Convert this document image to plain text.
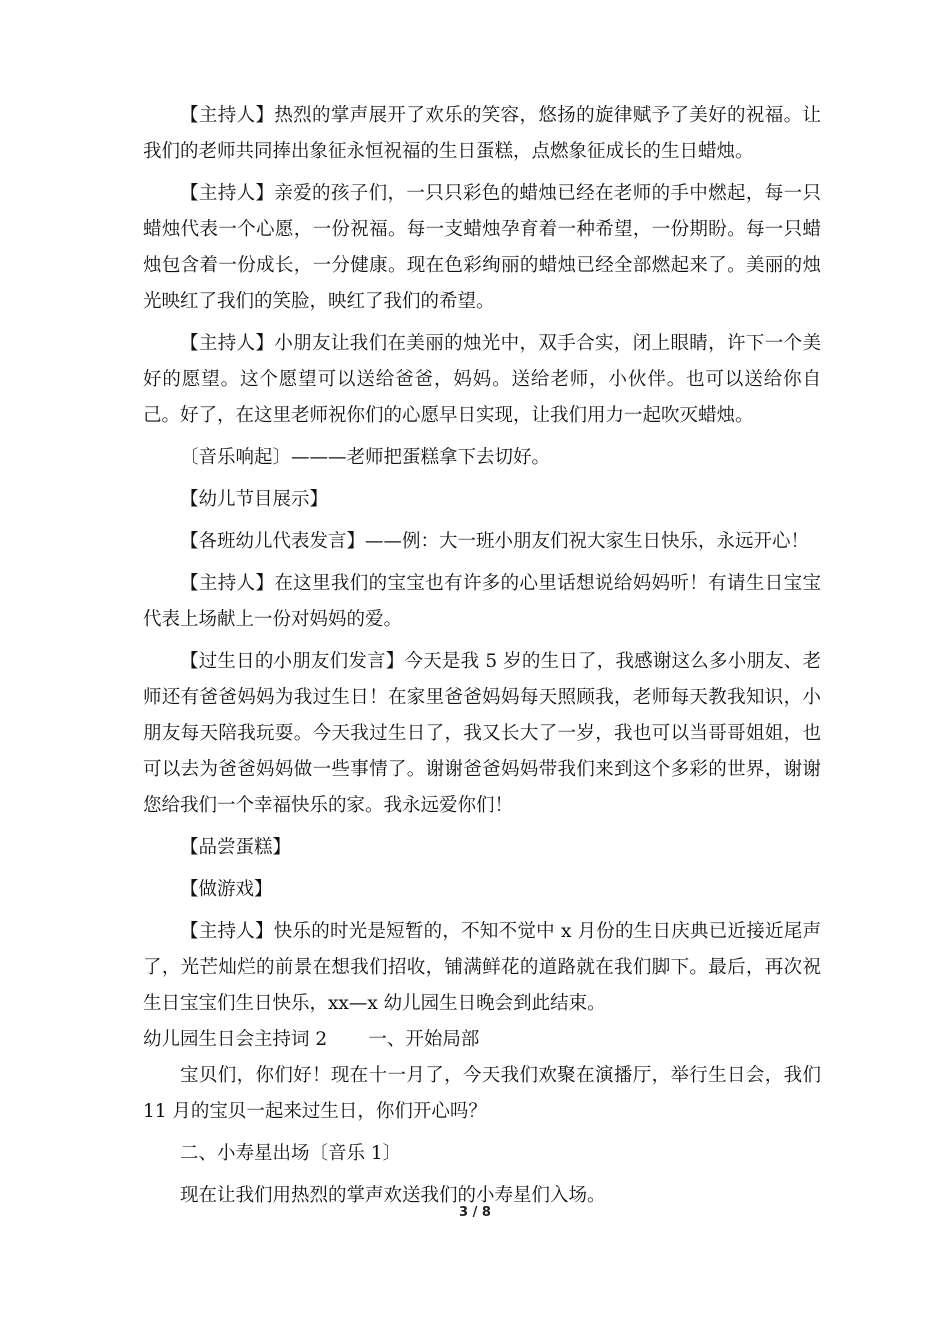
【主持人】热烈的掌声展开了欢乐的笑容，悠扬的旋律赋予了美好的祝福。让我们的老师共同捧出象征永恒祝福的生日蛋糕，点燃象征成长的生日蜡烛。

【主持人】亲爱的孩子们，一只只彩色的蜡烛已经在老师的手中燃起，每一只蜡烛代表一个心愿，一份祝福。每一支蜡烛孕育着一种希望，一份期盼。每一只蜡烛包含着一份成长，一分健康。现在色彩绚丽的蜡烛已经全部燃起来了。美丽的烛光映红了我们的笑脸，映红了我们的希望。

【主持人】小朋友让我们在美丽的烛光中，双手合实，闭上眼睛，许下一个美好的愿望。这个愿望可以送给爸爸，妈妈。送给老师，小伙伴。也可以送给你自己。好了，在这里老师祝你们的心愿早日实现，让我们用力一起吹灭蜡烛。

〔音乐响起〕———老师把蛋糕拿下去切好。

【幼儿节目展示】

【各班幼儿代表发言】——例：大一班小朋友们祝大家生日快乐，永远开心！

【主持人】在这里我们的宝宝也有许多的心里话想说给妈妈听！有请生日宝宝代表上场献上一份对妈妈的爱。

【过生日的小朋友们发言】今天是我 5 岁的生日了，我感谢这么多小朋友、老师还有爸爸妈妈为我过生日！在家里爸爸妈妈每天照顾我，老师每天教我知识，小朋友每天陪我玩耍。今天我过生日了，我又长大了一岁，我也可以当哥哥姐姐，也可以去为爸爸妈妈做一些事情了。谢谢爸爸妈妈带我们来到这个多彩的世界，谢谢您给我们一个幸福快乐的家。我永远爱你们！

【品尝蛋糕】

【做游戏】

【主持人】快乐的时光是短暂的，不知不觉中 x 月份的生日庆典已近接近尾声了，光芒灿烂的前景在想我们招收，铺满鲜花的道路就在我们脚下。最后，再次祝生日宝宝们生日快乐，xx—x 幼儿园生日晚会到此结束。

幼儿园生日会主持词 2 一、开始局部

宝贝们，你们好！现在十一月了，今天我们欢聚在演播厅，举行生日会，我们 11 月的宝贝一起来过生日，你们开心吗？

二、小寿星出场〔音乐 1〕

现在让我们用热烈的掌声欢送我们的小寿星们入场。

3 / 8
